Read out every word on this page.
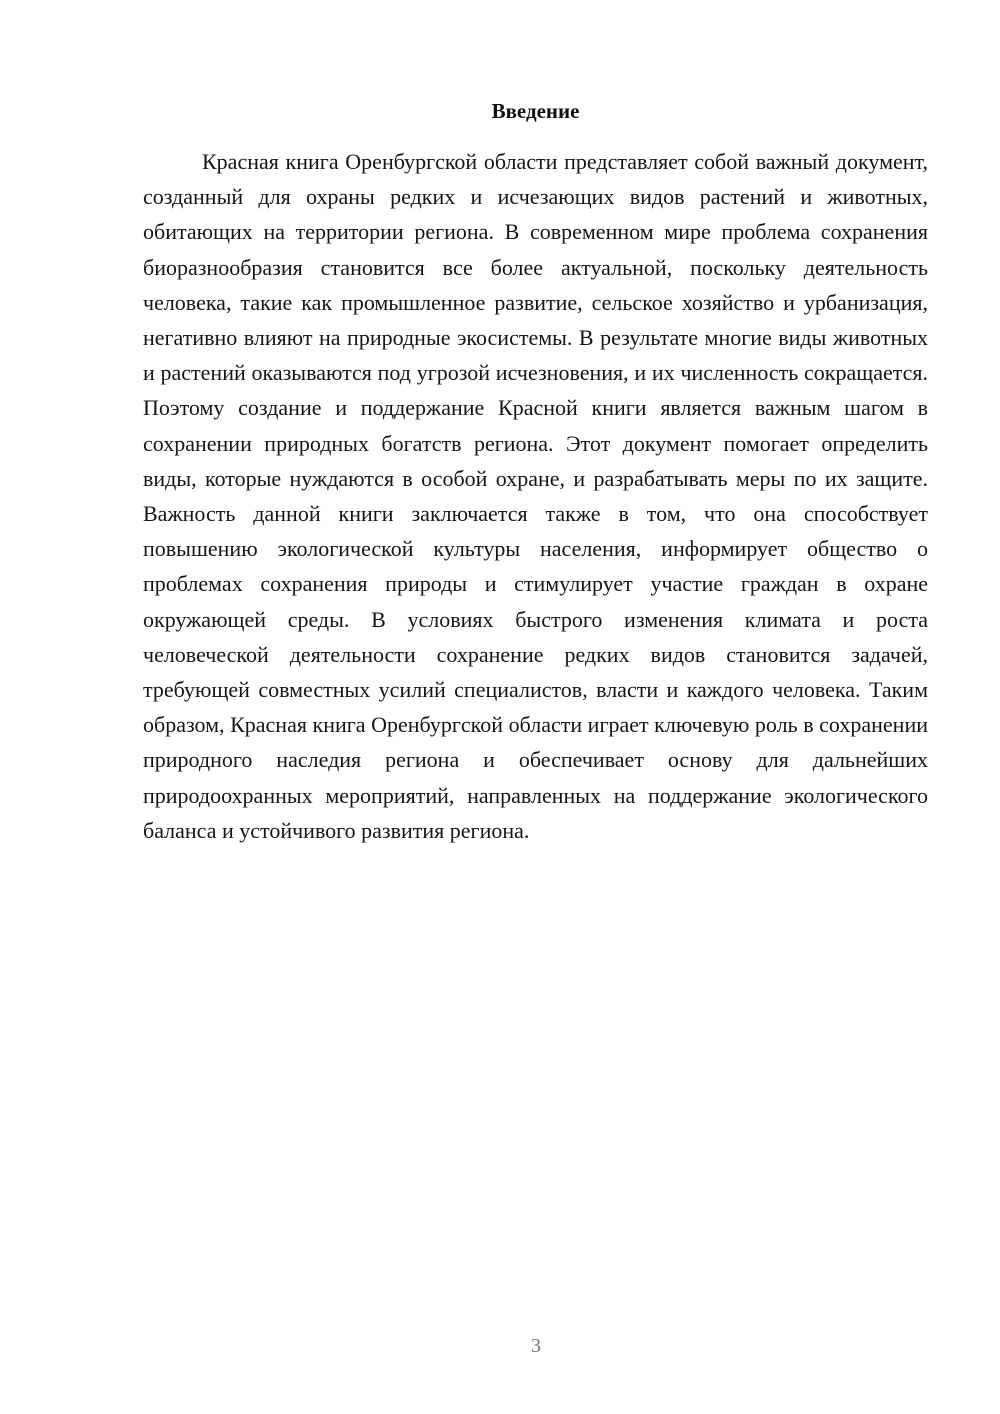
Введение

Красная книга Оренбургской области представляет собой важный документ, созданный для охраны редких и исчезающих видов растений и животных, обитающих на территории региона. В современном мире проблема сохранения биоразнообразия становится все более актуальной, поскольку деятельность человека, такие как промышленное развитие, сельское хозяйство и урбанизация, негативно влияют на природные экосистемы. В результате многие виды животных и растений оказываются под угрозой исчезновения, и их численность сокращается. Поэтому создание и поддержание Красной книги является важным шагом в сохранении природных богатств региона. Этот документ помогает определить виды, которые нуждаются в особой охране, и разрабатывать меры по их защите. Важность данной книги заключается также в том, что она способствует повышению экологической культуры населения, информирует общество о проблемах сохранения природы и стимулирует участие граждан в охране окружающей среды. В условиях быстрого изменения климата и роста человеческой деятельности сохранение редких видов становится задачей, требующей совместных усилий специалистов, власти и каждого человека. Таким образом, Красная книга Оренбургской области играет ключевую роль в сохранении природного наследия региона и обеспечивает основу для дальнейших природоохранных мероприятий, направленных на поддержание экологического баланса и устойчивого развития региона.

3
